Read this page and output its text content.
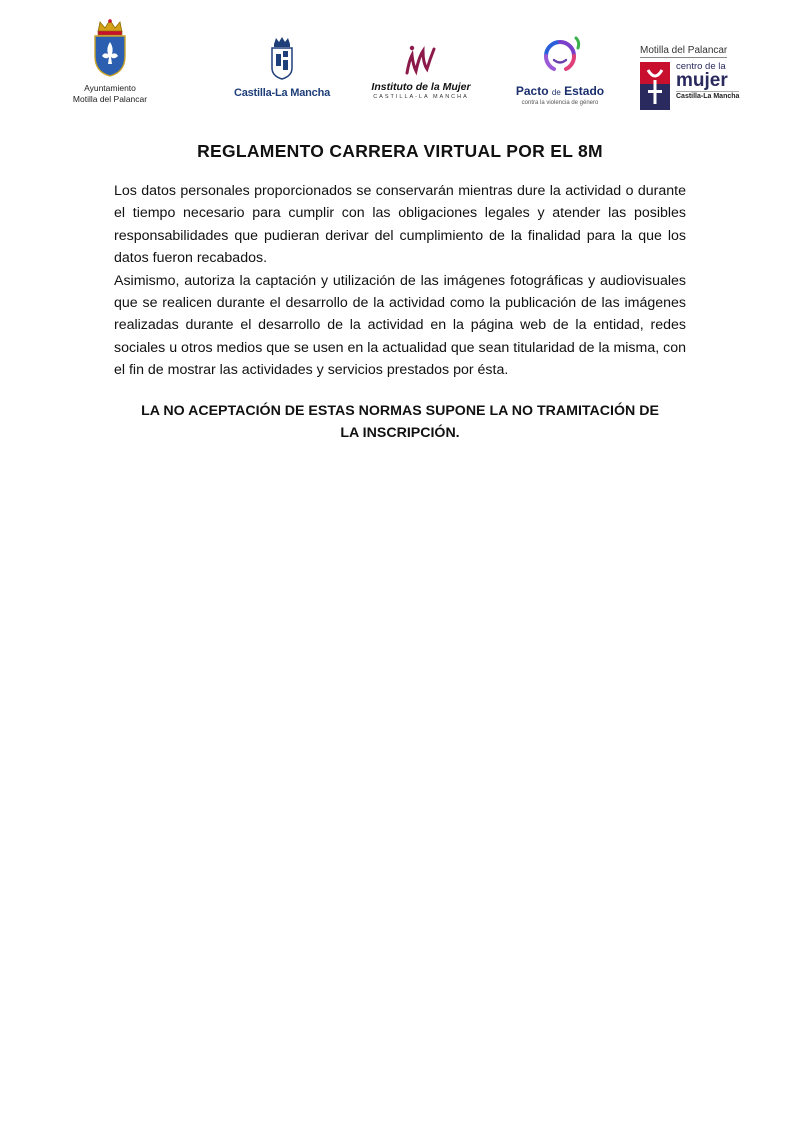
Ayuntamiento
Motilla del Palancar	Castilla-La Mancha	Instituto de la Mujer
CASTILLA-LA MANCHA	Pacto de Estado
contra la violencia de género
Motilla del Palancar
centro de la
mujer
Castilla-La Mancha
REGLAMENTO CARRERA VIRTUAL POR EL 8M

Los datos personales proporcionados se conservarán mientras dure la actividad o durante el tiempo necesario para cumplir con las obligaciones legales y atender las posibles responsabilidades que pudieran derivar del cumplimiento de la finalidad para la que los datos fueron recabados.

Asimismo, autoriza la captación y utilización de las imágenes fotográficas y audiovisuales que se realicen durante el desarrollo de la actividad como la publicación de las imágenes realizadas durante el desarrollo de la actividad en la página web de la entidad, redes sociales u otros medios que se usen en la actualidad que sean titularidad de la misma, con el fin de mostrar las actividades y servicios prestados por ésta.

LA NO ACEPTACIÓN DE ESTAS NORMAS SUPONE LA NO TRAMITACIÓN DE LA INSCRIPCIÓN.
